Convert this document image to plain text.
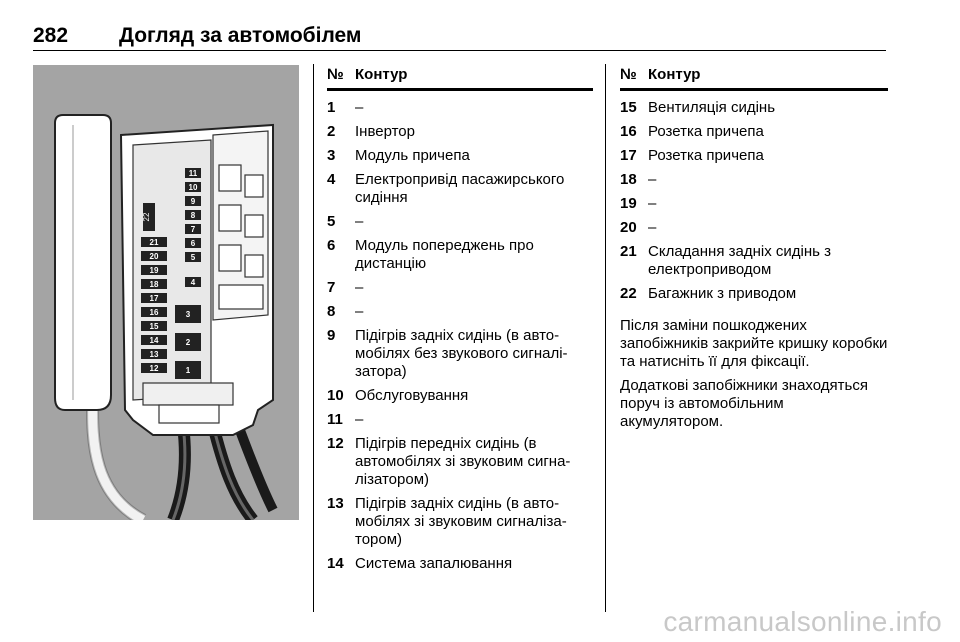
282 Догляд за автомобілем
22
21
20
19
18
17
16
15
14
13
12
11
10
9
8
7
6
5
4
3
2
1
№ Контур
1	–
2	Інвертор
3	Модуль причепа
4	Електропривід пасажирського сидіння
5	–
6	Модуль попереджень про дистанцію
7	–
8	–
9	Підігрів задніх сидінь (в автомобілях без звукового сигналізатора)
10 Обслуговування
11 –
12 Підігрів передніх сидінь (в автомобілях зі звуковим сигналізатором)
13 Підігрів задніх сидінь (в автомобілях зі звуковим сигналізатором)
14 Система запалювання
№ Контур
15 Вентиляція сидінь
16 Розетка причепа
17 Розетка причепа
18 –
19 –
20 –
21 Складання задніх сидінь з електроприводом
22 Багажник з приводом
Після заміни пошкоджених запобіжників закрийте кришку коробки та натисніть її для фіксації.
Додаткові запобіжники знаходяться поруч із автомобільним акумулятором.
carmanualsonline.info
